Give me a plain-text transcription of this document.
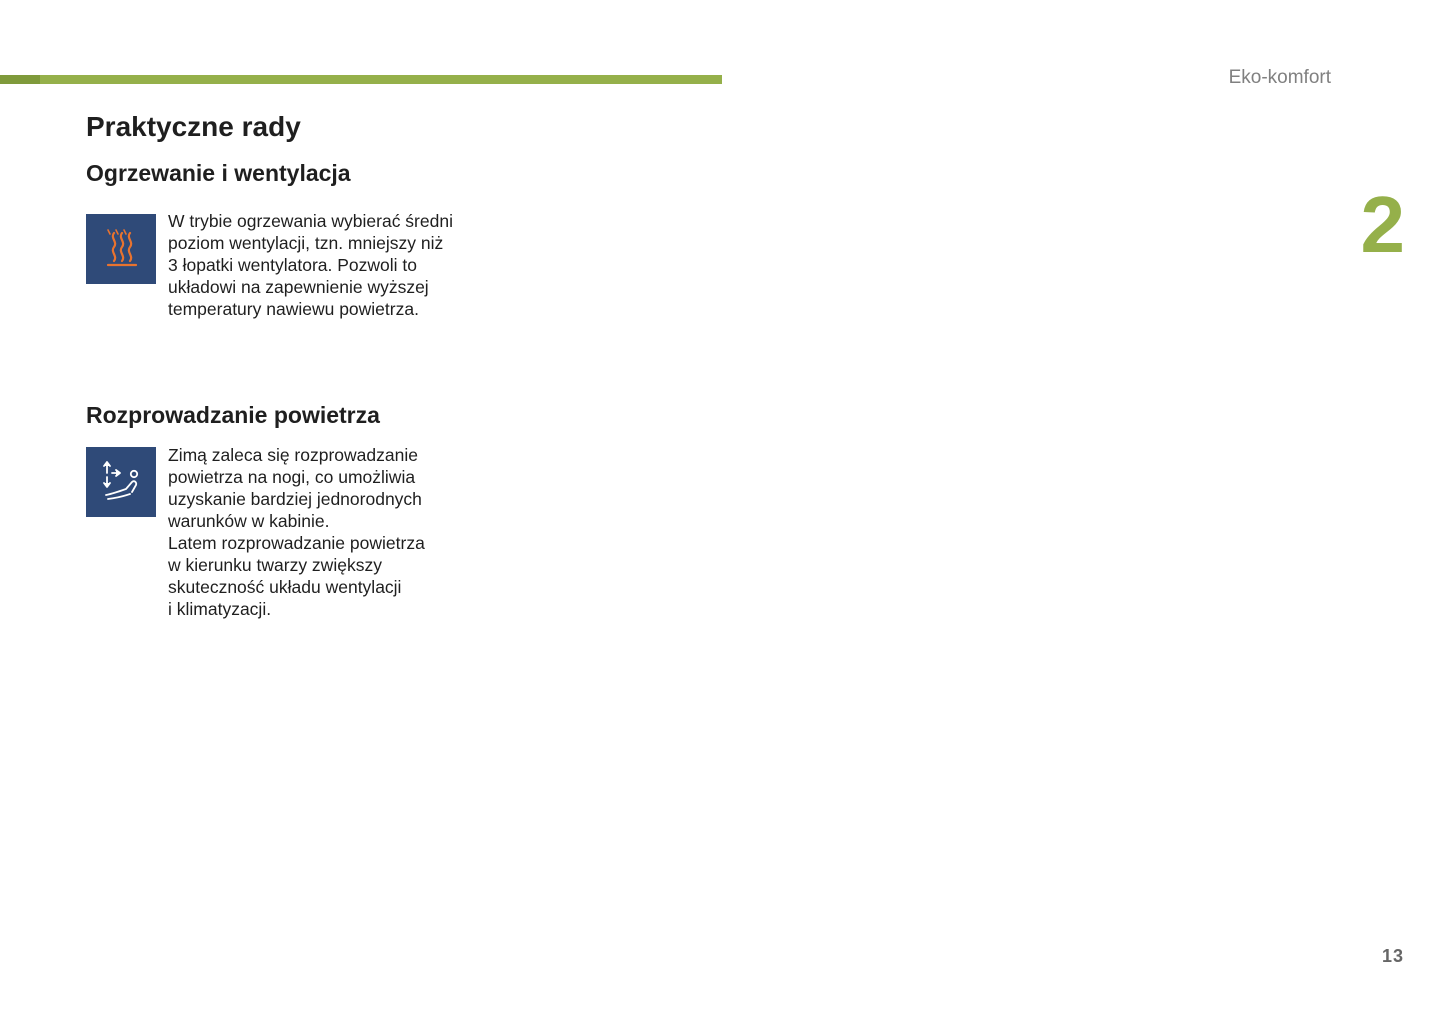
Eko-komfort
2
Praktyczne rady
Ogrzewanie i wentylacja
W trybie ogrzewania wybierać średni
poziom wentylacji, tzn. mniejszy niż
3 łopatki wentylatora. Pozwoli to
układowi na zapewnienie wyższej
temperatury nawiewu powietrza.
Rozprowadzanie powietrza
Zimą zaleca się rozprowadzanie
powietrza na nogi, co umożliwia
uzyskanie bardziej jednorodnych
warunków w kabinie.
Latem rozprowadzanie powietrza
w kierunku twarzy zwiększy
skuteczność układu wentylacji
i klimatyzacji.
13
